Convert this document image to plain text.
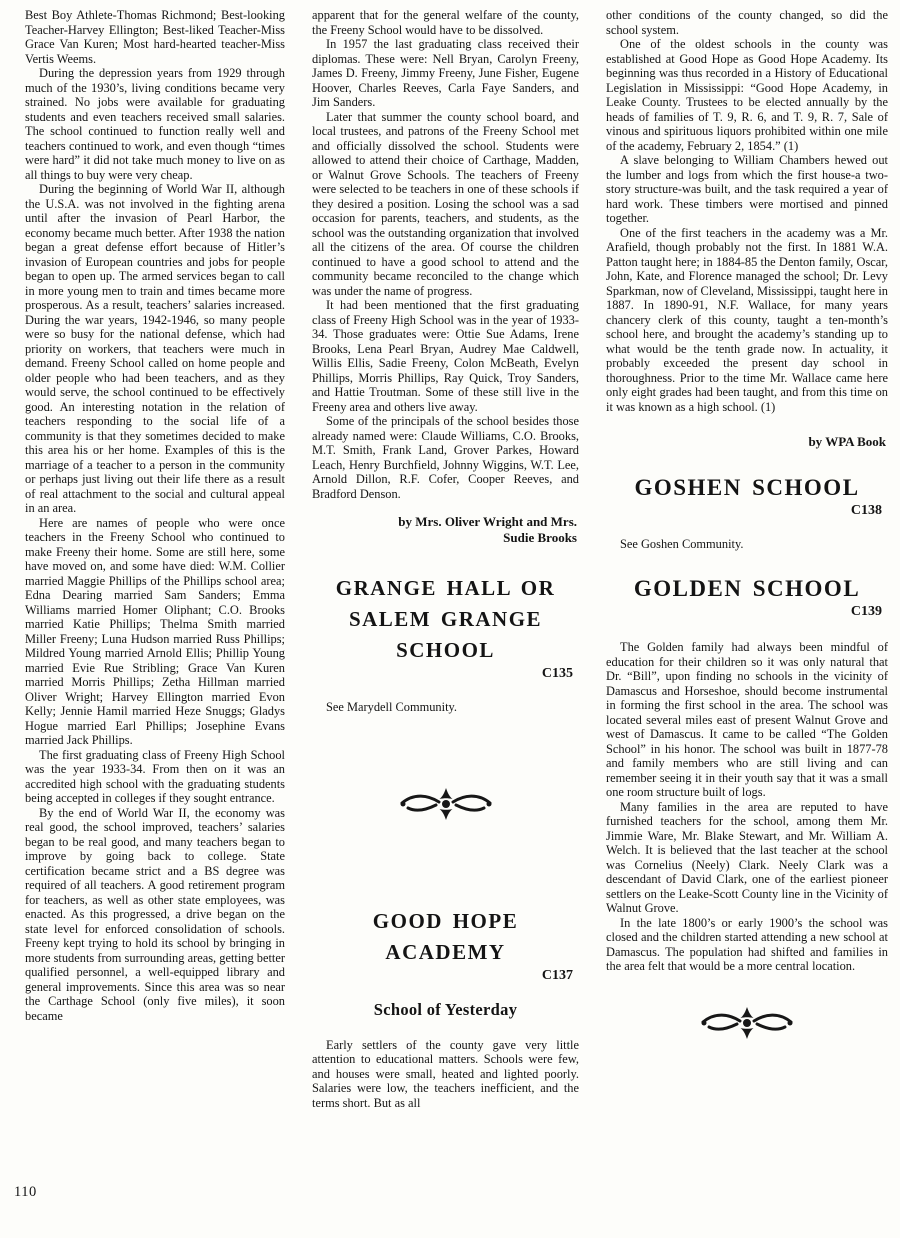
Best Boy Athlete-Thomas Richmond; Best-looking Teacher-Harvey Ellington; Best-liked Teacher-Miss Grace Van Kuren; Most hard-hearted teacher-Miss Vertis Weems.

During the depression years from 1929 through much of the 1930’s, living conditions became very strained. No jobs were available for graduating students and even teachers received small salaries. The school continued to function really well and teachers continued to work, and even though “times were hard” it did not take much money to live on as all things to buy were very cheap.

During the beginning of World War II, although the U.S.A. was not involved in the fighting arena until after the invasion of Pearl Harbor, the economy became much better. After 1938 the nation began a great defense effort because of Hitler’s invasion of European countries and jobs for people began to open up. The armed services began to call in more young men to train and times became more prosperous. As a result, teachers’ salaries increased. During the war years, 1942-1946, so many people were so busy for the national defense, which had priority on workers, that teachers were much in demand. Freeny School called on home people and older people who had been teachers, and as they would serve, the school continued to be effectively good. An interesting notation in the relation of teachers responding to the social life of a community is that they sometimes decided to make this area his or her home. Examples of this is the marriage of a teacher to a person in the community or perhaps just living out their life there as a result of real attachment to the social and cultural appeal in an area.

Here are names of people who were once teachers in the Freeny School who continued to make Freeny their home. Some are still here, some have moved on, and some have died: W.M. Collier married Maggie Phillips of the Phillips school area; Edna Dearing married Sam Sanders; Emma Williams married Homer Oliphant; C.O. Brooks married Katie Phillips; Thelma Smith married Miller Freeny; Luna Hudson married Russ Phillips; Mildred Young married Arnold Ellis; Phillip Young married Evie Rue Stribling; Grace Van Kuren married Morris Phillips; Zetha Hillman married Oliver Wright; Harvey Ellington married Evon Kelly; Jennie Hamil married Heze Snuggs; Gladys Hogue married Earl Phillips; Josephine Evans married Jack Phillips.

The first graduating class of Freeny High School was the year 1933-34. From then on it was an accredited high school with the graduating students being accepted in colleges if they sought entrance.

By the end of World War II, the economy was real good, the school improved, teachers’ salaries began to be real good, and many teachers began to improve by going back to college. State certification became strict and a BS degree was required of all teachers. A good retirement program for teachers, as well as other state employees, was enacted. As this progressed, a drive began on the state level for enforced consolidation of schools. Freeny kept trying to hold its school by bringing in more students from surrounding areas, getting better qualified personnel, a well-equipped library and general improvements. Since this area was so near the Carthage School (only five miles), it soon became

apparent that for the general welfare of the county, the Freeny School would have to be dissolved.

In 1957 the last graduating class received their diplomas. These were: Nell Bryan, Carolyn Freeny, James D. Freeny, Jimmy Freeny, June Fisher, Eugene Hoover, Charles Reeves, Carla Faye Sanders, and Jim Sanders.

Later that summer the county school board, and local trustees, and patrons of the Freeny School met and officially dissolved the school. Students were allowed to attend their choice of Carthage, Madden, or Walnut Grove Schools. The teachers of Freeny were selected to be teachers in one of these schools if they desired a position. Losing the school was a sad occasion for parents, teachers, and students, as the school was the outstanding organization that involved all the citizens of the area. Of course the children continued to have a good school to attend and the community became reconciled to the change which was under the name of progress.

It had been mentioned that the first graduating class of Freeny High School was in the year of 1933-34. Those graduates were: Ottie Sue Adams, Irene Brooks, Lena Pearl Bryan, Audrey Mae Caldwell, Willis Ellis, Sadie Freeny, Colon McBeath, Evelyn Phillips, Morris Phillips, Ray Quick, Troy Sanders, and Hattie Troutman. Some of these still live in the Freeny area and others live away.

Some of the principals of the school besides those already named were: Claude Williams, C.O. Brooks, M.T. Smith, Frank Land, Grover Parkes, Howard Leach, Henry Burchfield, Johnny Wiggins, W.T. Lee, Arnold Dillon, R.F. Cofer, Cooper Reeves, and Bradford Denson.

by Mrs. Oliver Wright and Mrs.
Sudie Brooks
GRANGE HALL OR
SALEM GRANGE
SCHOOL
C135

See Marydell Community.

GOOD HOPE
ACADEMY
C137
School of Yesterday

Early settlers of the county gave very little attention to educational matters. Schools were few, and houses were small, heated and lighted poorly. Salaries were low, the teachers inefficient, and the terms short. But as all

other conditions of the county changed, so did the school system.

One of the oldest schools in the county was established at Good Hope as Good Hope Academy. Its beginning was thus recorded in a History of Educational Legislation in Mississippi: “Good Hope Academy, in Leake County. Trustees to be elected annually by the heads of families of T. 9, R. 6, and T. 9, R. 7, Sale of vinous and spirituous liquors prohibited within one mile of the academy, February 2, 1854.” (1)

A slave belonging to William Chambers hewed out the lumber and logs from which the first house-a two-story structure-was built, and the task required a year of hard work. These timbers were mortised and pinned together.

One of the first teachers in the academy was a Mr. Arafield, though probably not the first. In 1881 W.A. Patton taught here; in 1884-85 the Denton family, Oscar, John, Kate, and Florence managed the school; Dr. Levy Sparkman, now of Cleveland, Mississippi, taught here in 1887. In 1890-91, N.F. Wallace, for many years chancery clerk of this county, taught a ten-month’s school here, and brought the academy’s standing up to what would be the tenth grade now. In actuality, it probably exceeded the present day school in thoroughness. Prior to the time Mr. Wallace came here only eight grades had been taught, and from this time on it was known as a high school. (1)

by WPA Book
GOSHEN SCHOOL
C138

See Goshen Community.

GOLDEN SCHOOL
C139

The Golden family had always been mindful of education for their children so it was only natural that Dr. “Bill”, upon finding no schools in the vicinity of Damascus and Horseshoe, should become instrumental in forming the first school in the area. The school was located several miles east of present Walnut Grove and west of Damascus. It came to be called “The Golden School” in his honor. The school was built in 1877-78 and family members who are still living and can remember seeing it in their youth say that it was a small one room structure built of logs.

Many families in the area are reputed to have furnished teachers for the school, among them Mr. Jimmie Ware, Mr. Blake Stewart, and Mr. William A. Welch. It is believed that the last teacher at the school was Cornelius (Neely) Clark. Neely Clark was a descendant of David Clark, one of the earliest pioneer settlers on the Leake-Scott County line in the Vicinity of Walnut Grove.

In the late 1800’s or early 1900’s the school was closed and the children started attending a new school at Damascus. The population had shifted and families in the area felt that would be a more central location.

110
